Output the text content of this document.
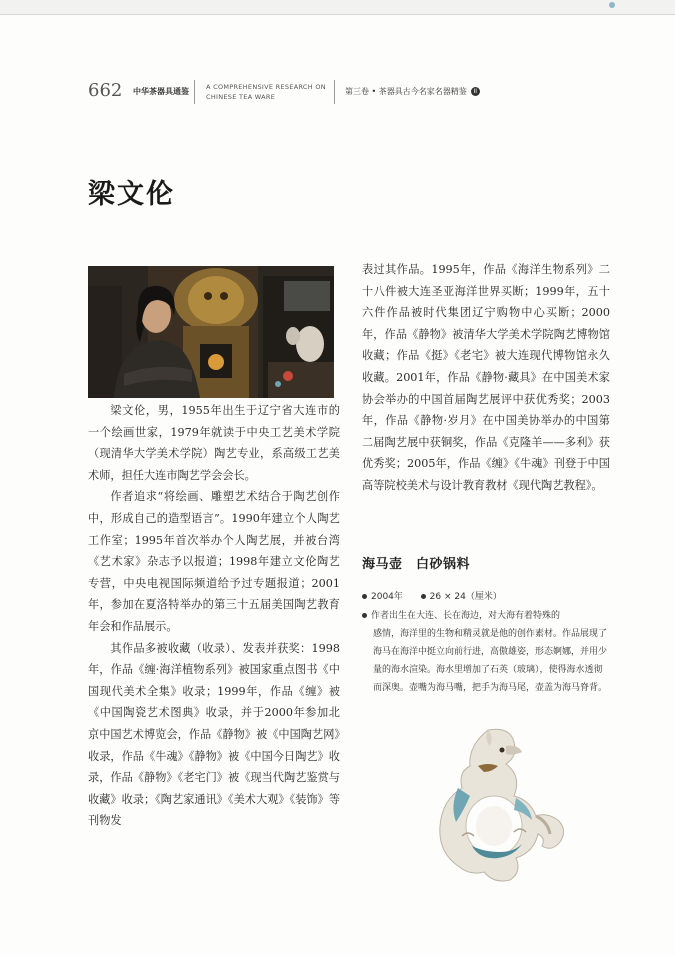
662 中华茶器具通鉴	A COMPREHENSIVE RESEARCH ON
CHINESE TEA WARE
第三卷 • 茶器具古今名家名器精鉴 II
梁文伦

梁文伦，男，1955年出生于辽宁省大连市的一个绘画世家，1979年就读于中央工艺美术学院（现清华大学美术学院）陶艺专业，系高级工艺美术师，担任大连市陶艺学会会长。

作者追求“将绘画、雕塑艺术结合于陶艺创作中，形成自己的造型语言”。1990年建立个人陶艺工作室；1995年首次举办个人陶艺展，并被台湾《艺术家》杂志予以报道；1998年建立文伦陶艺专营，中央电视国际频道给予过专题报道；2001年，参加在夏洛特举办的第三十五届美国陶艺教育年会和作品展示。

其作品多被收藏（收录）、发表并获奖：1998年，作品《缠·海洋植物系列》被国家重点图书《中国现代美术全集》收录；1999年，作品《缠》被《中国陶瓷艺术图典》收录，并于2000年参加北京中国艺术博览会，作品《静物》被《中国陶艺网》收录，作品《牛魂》《静物》被《中国今日陶艺》收录，作品《静物》《老宅门》被《现当代陶艺鉴赏与收藏》收录；《陶艺家通讯》《美术大观》《装饰》等刊物发

表过其作品。1995年，作品《海洋生物系列》二十八件被大连圣亚海洋世界买断；1999年，五十六件作品被时代集团辽宁购物中心买断；2000年，作品《静物》被清华大学美术学院陶艺博物馆收藏；作品《挺》《老宅》被大连现代博物馆永久收藏。2001年，作品《静物·藏具》在中国美术家协会举办的中国首届陶艺展评中获优秀奖；2003年，作品《静物·岁月》在中国美协举办的中国第二届陶艺展中获铜奖，作品《克隆羊——多利》获优秀奖；2005年，作品《缠》《牛魂》刊登于中国高等院校美术与设计教育教材《现代陶艺教程》。

海马壶　白砂锅料
2004年	26 × 24（厘米）
作者出生在大连、长在海边，对大海有着特殊的
感情，海洋里的生物和精灵就是他的创作素材。作品展现了海马在海洋中挺立向前行进，高傲雄姿，形态婀娜，并用少量的海水渲染。海水里增加了石英（玻璃），使得海水透彻而深奥。壶嘴为海马嘴，把手为海马尾，壶盖为海马脊背。
